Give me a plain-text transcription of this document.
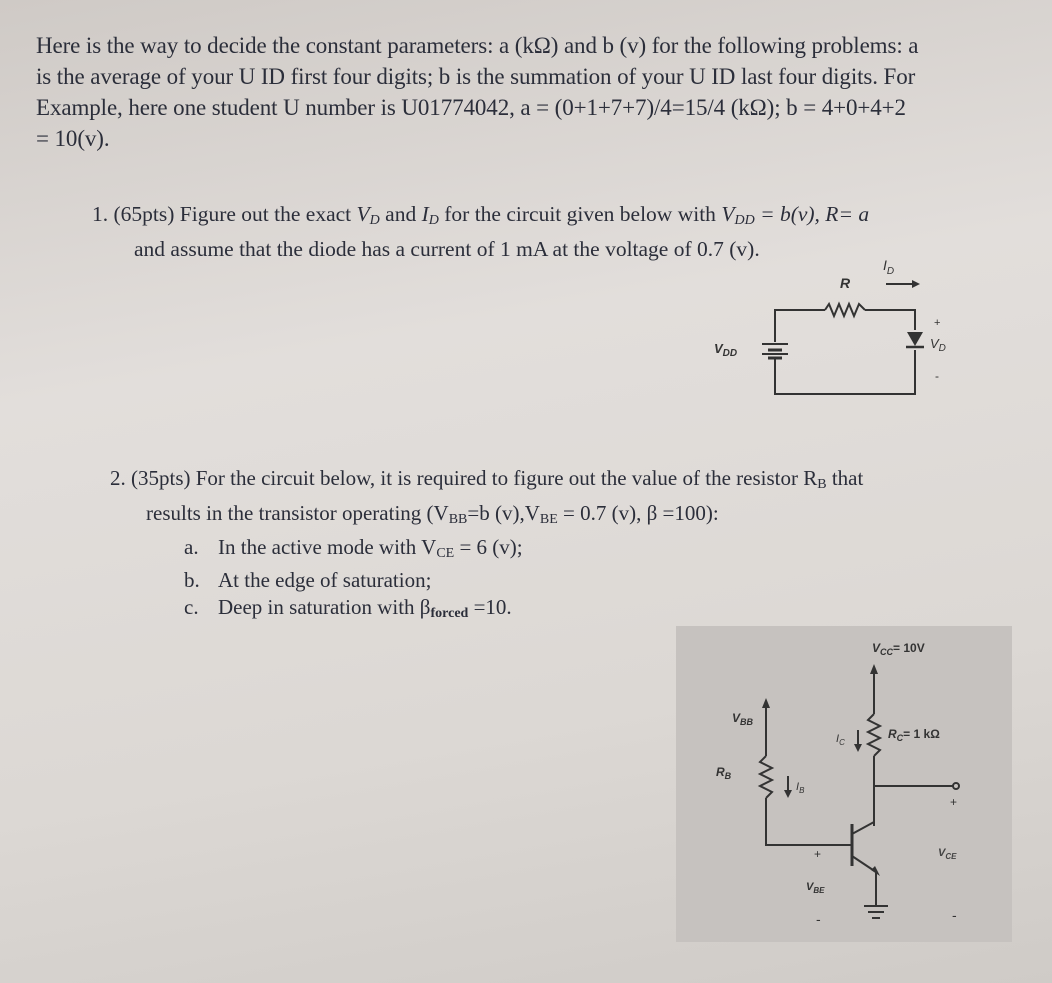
Here is the way to decide the constant parameters: a (kΩ) and b (v) for the following problems: a

is the average of your U ID first four digits; b is the summation of your U ID last four digits. For

Example, here one student U number is U01774042, a = (0+1+7+7)/4=15/4 (kΩ); b = 4+0+4+2

= 10(v).

1. (65pts) Figure out the exact $V_D$ and $I_D$ for the circuit given below with $V_{DD} = b(v)$, R= a
and assume that the diode has a current of 1 mA at the voltage of 0.7 (v).
R
$I_D$
$V_{DD}$
$V_D$
+
-
2. (35pts) For the circuit below, it is required to figure out the value of the resistor $R_B$ that
results in the transistor operating ($V_{BB}=b$ $(v),V_{BE} = 0.7$ (v), β =100):
a. In the active mode with $V_{CE} = 6$ (v);
b. At the edge of saturation;
c. Deep in saturation with $\beta_{forced} =10$.
$V_{CC}= 10V$
$V_{BB}$
$R_B$
$I_B$
$I_C$
$R_C= 1$ kΩ
+
$V_{BE}$
-
+
$V_{CE}$
-
